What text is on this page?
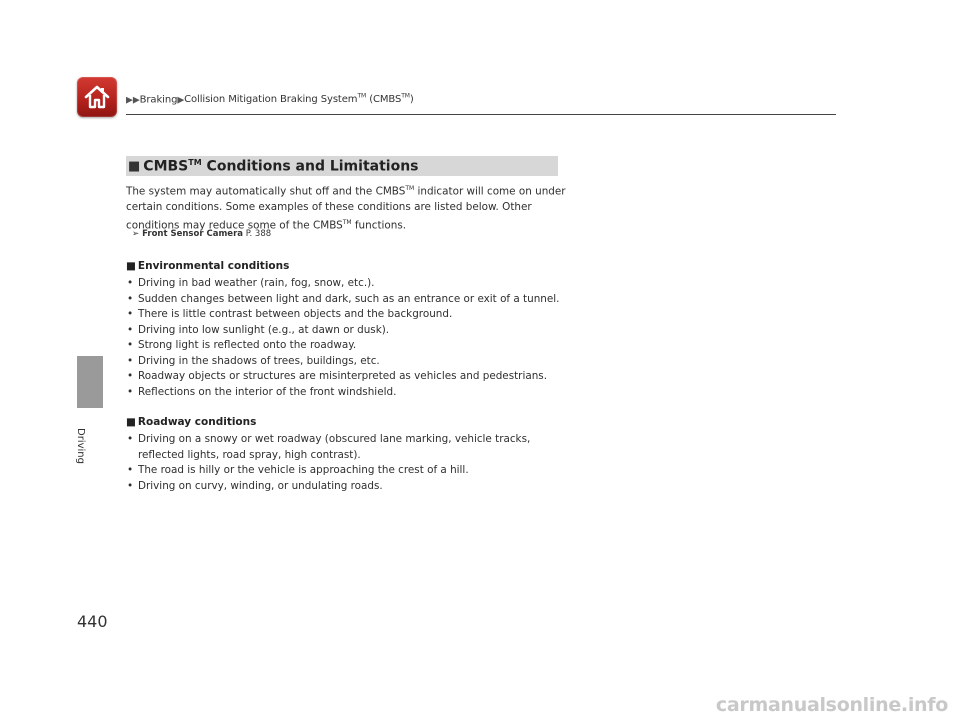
▶▶Braking▶Collision Mitigation Braking System™ (CMBS™)
Driving
■ CMBS™ Conditions and Limitations

The system may automatically shut off and the CMBS™ indicator will come on under certain conditions. Some examples of these conditions are listed below. Other conditions may reduce some of the CMBS™ functions.

➢ Front Sensor Camera P. 388
■ Environmental conditions
• Driving in bad weather (rain, fog, snow, etc.).
• Sudden changes between light and dark, such as an entrance or exit of a tunnel.
• There is little contrast between objects and the background.
• Driving into low sunlight (e.g., at dawn or dusk).
• Strong light is reflected onto the roadway.
• Driving in the shadows of trees, buildings, etc.
• Roadway objects or structures are misinterpreted as vehicles and pedestrians.
• Reflections on the interior of the front windshield.
■ Roadway conditions
• Driving on a snowy or wet roadway (obscured lane marking, vehicle tracks, reflected lights, road spray, high contrast).
• The road is hilly or the vehicle is approaching the crest of a hill.
• Driving on curvy, winding, or undulating roads.
440
carmanualsonline.info
